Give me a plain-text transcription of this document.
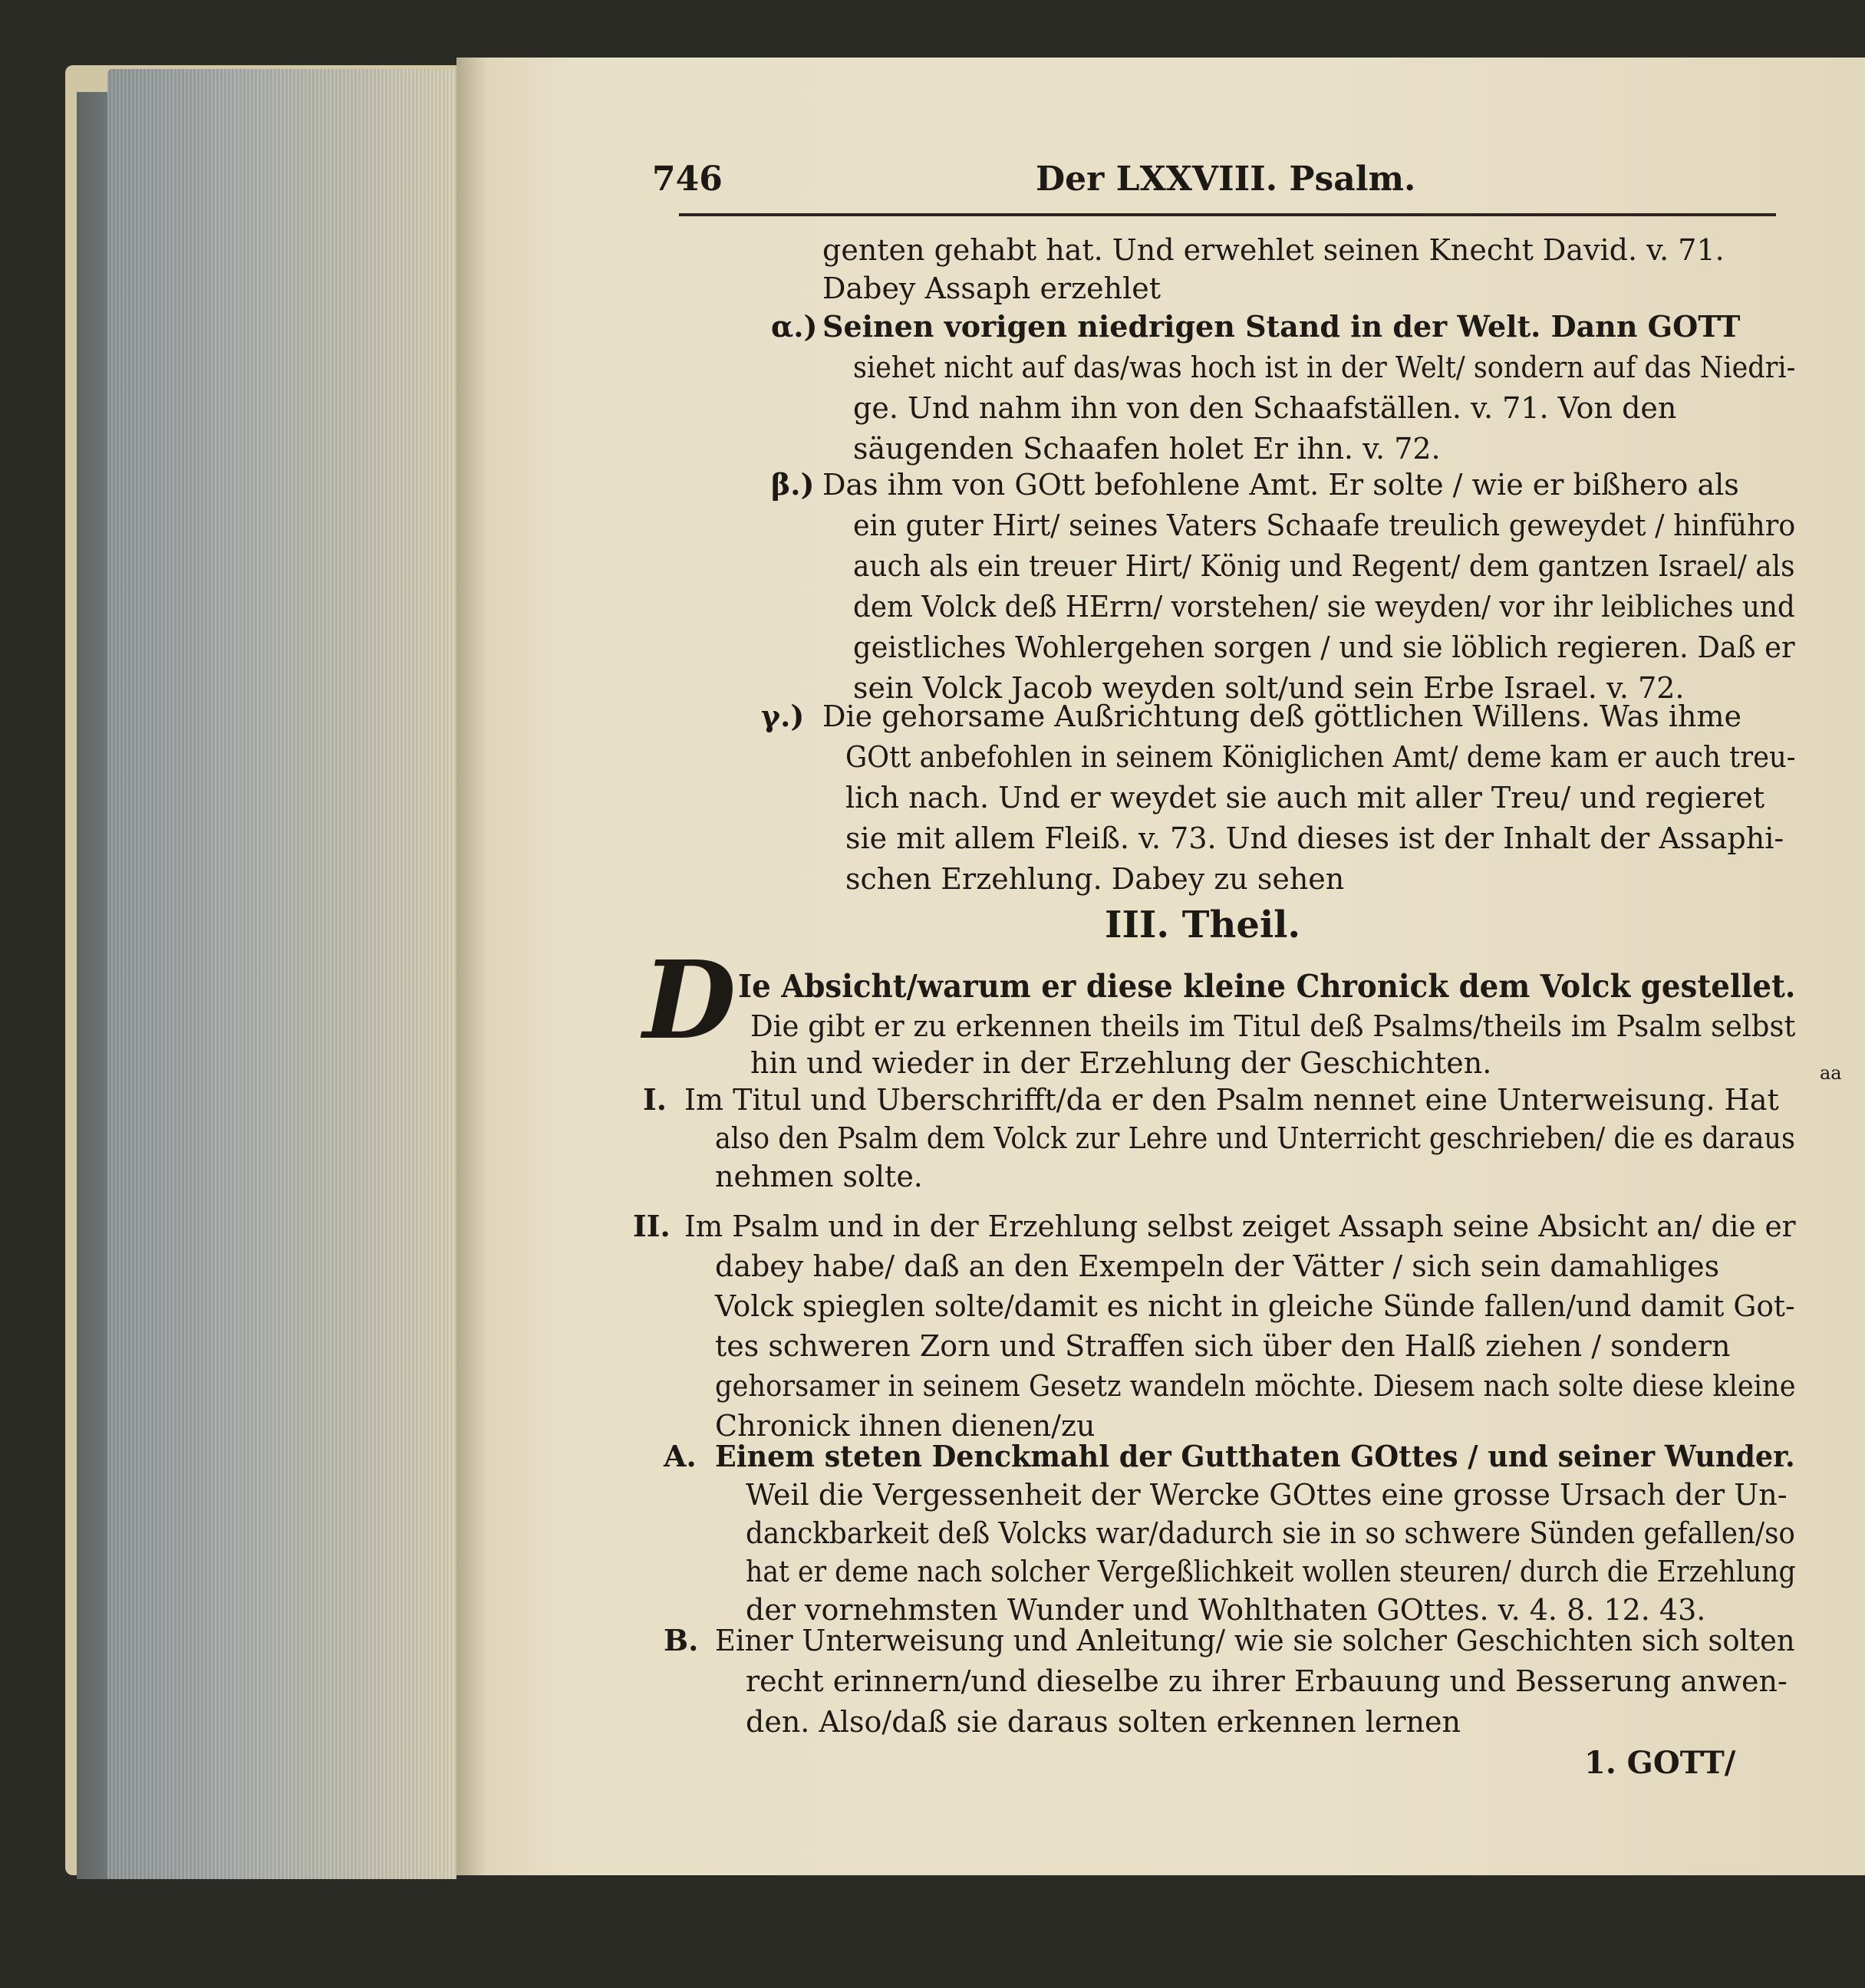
746	Der LXXVIII. Psalm.
genten gehabt hat. Und erwehlet seinen Knecht David. v. 71.
Dabey Assaph erzehlet
α.) Seinen vorigen niedrigen Stand in der Welt. Dann GOTT
siehet nicht auf das/was hoch ist in der Welt/ sondern auf das Niedri-
ge. Und nahm ihn von den Schaafställen. v. 71. Von den
säugenden Schaafen holet Er ihn. v. 72.
β.) Das ihm von GOtt befohlene Amt. Er solte / wie er bißhero als
ein guter Hirt/ seines Vaters Schaafe treulich geweydet / hinführo
auch als ein treuer Hirt/ König und Regent/ dem gantzen Israel/ als
dem Volck deß HErrn/ vorstehen/ sie weyden/ vor ihr leibliches und
geistliches Wohlergehen sorgen / und sie löblich regieren. Daß er
sein Volck Jacob weyden solt/und sein Erbe Israel. v. 72.
γ.) Die gehorsame Außrichtung deß göttlichen Willens. Was ihme
GOtt anbefohlen in seinem Königlichen Amt/ deme kam er auch treu-
lich nach. Und er weydet sie auch mit aller Treu/ und regieret
sie mit allem Fleiß. v. 73. Und dieses ist der Inhalt der Assaphi-
schen Erzehlung. Dabey zu sehen
III. Theil.
D Ie Absicht/warum er diese kleine Chronick dem Volck gestellet.
Die gibt er zu erkennen theils im Titul deß Psalms/theils im Psalm selbst
hin und wieder in der Erzehlung der Geschichten.
I. Im Titul und Uberschrifft/da er den Psalm nennet eine Unterweisung. Hat
also den Psalm dem Volck zur Lehre und Unterricht geschrieben/ die es daraus
nehmen solte.
II. Im Psalm und in der Erzehlung selbst zeiget Assaph seine Absicht an/ die er
dabey habe/ daß an den Exempeln der Vätter / sich sein damahliges
Volck spieglen solte/damit es nicht in gleiche Sünde fallen/und damit Got-
tes schweren Zorn und Straffen sich über den Halß ziehen / sondern
gehorsamer in seinem Gesetz wandeln möchte. Diesem nach solte diese kleine
Chronick ihnen dienen/zu
A. Einem steten Denckmahl der Gutthaten GOttes / und seiner Wunder.
Weil die Vergessenheit der Wercke GOttes eine grosse Ursach der Un-
danckbarkeit deß Volcks war/dadurch sie in so schwere Sünden gefallen/so
hat er deme nach solcher Vergeßlichkeit wollen steuren/ durch die Erzehlung
der vornehmsten Wunder und Wohlthaten GOttes. v. 4. 8. 12. 43.
B. Einer Unterweisung und Anleitung/ wie sie solcher Geschichten sich solten
recht erinnern/und dieselbe zu ihrer Erbauung und Besserung anwen-
den. Also/daß sie daraus solten erkennen lernen
1. GOTT/
aa
